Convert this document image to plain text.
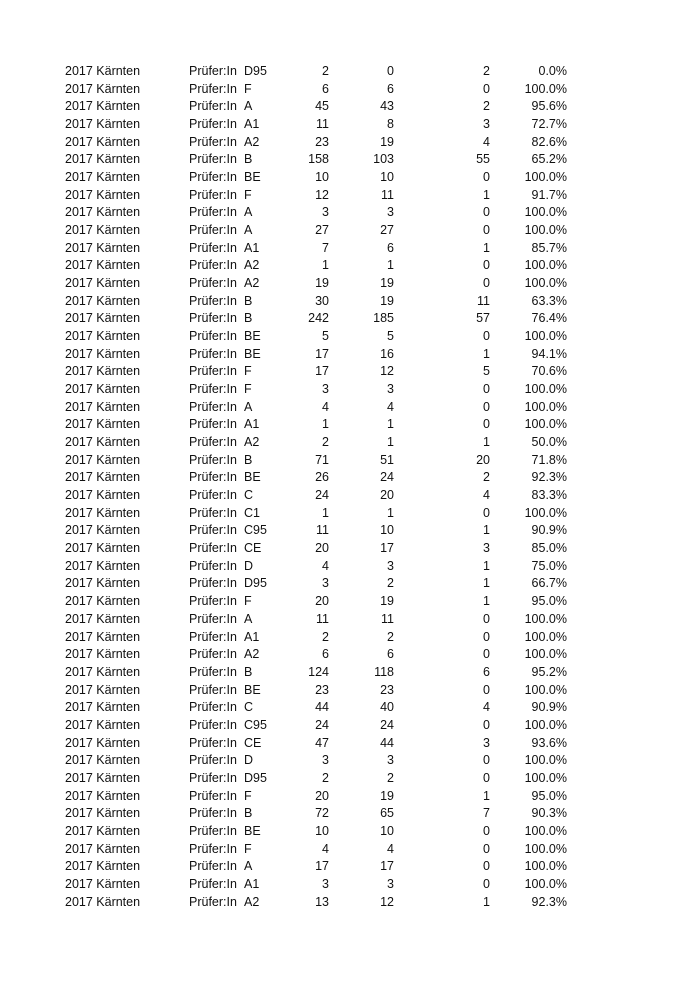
2017 Kärnten	Prüfer:In D95	2	0	2	0.0%
2017 Kärnten	Prüfer:In F	6	6	0	100.0%
2017 Kärnten	Prüfer:In A	45	43	2	95.6%
2017 Kärnten	Prüfer:In A1	11	8	3	72.7%
2017 Kärnten	Prüfer:In A2	23	19	4	82.6%
2017 Kärnten	Prüfer:In B	158	103	55	65.2%
2017 Kärnten	Prüfer:In BE	10	10	0	100.0%
2017 Kärnten	Prüfer:In F	12	11	1	91.7%
2017 Kärnten	Prüfer:In A	3	3	0	100.0%
2017 Kärnten	Prüfer:In A	27	27	0	100.0%
2017 Kärnten	Prüfer:In A1	7	6	1	85.7%
2017 Kärnten	Prüfer:In A2	1	1	0	100.0%
2017 Kärnten	Prüfer:In A2	19	19	0	100.0%
2017 Kärnten	Prüfer:In B	30	19	11	63.3%
2017 Kärnten	Prüfer:In B	242	185	57	76.4%
2017 Kärnten	Prüfer:In BE	5	5	0	100.0%
2017 Kärnten	Prüfer:In BE	17	16	1	94.1%
2017 Kärnten	Prüfer:In F	17	12	5	70.6%
2017 Kärnten	Prüfer:In F	3	3	0	100.0%
2017 Kärnten	Prüfer:In A	4	4	0	100.0%
2017 Kärnten	Prüfer:In A1	1	1	0	100.0%
2017 Kärnten	Prüfer:In A2	2	1	1	50.0%
2017 Kärnten	Prüfer:In B	71	51	20	71.8%
2017 Kärnten	Prüfer:In BE	26	24	2	92.3%
2017 Kärnten	Prüfer:In C	24	20	4	83.3%
2017 Kärnten	Prüfer:In C1	1	1	0	100.0%
2017 Kärnten	Prüfer:In C95	11	10	1	90.9%
2017 Kärnten	Prüfer:In CE	20	17	3	85.0%
2017 Kärnten	Prüfer:In D	4	3	1	75.0%
2017 Kärnten	Prüfer:In D95	3	2	1	66.7%
2017 Kärnten	Prüfer:In F	20	19	1	95.0%
2017 Kärnten	Prüfer:In A	11	11	0	100.0%
2017 Kärnten	Prüfer:In A1	2	2	0	100.0%
2017 Kärnten	Prüfer:In A2	6	6	0	100.0%
2017 Kärnten	Prüfer:In B	124	118	6	95.2%
2017 Kärnten	Prüfer:In BE	23	23	0	100.0%
2017 Kärnten	Prüfer:In C	44	40	4	90.9%
2017 Kärnten	Prüfer:In C95	24	24	0	100.0%
2017 Kärnten	Prüfer:In CE	47	44	3	93.6%
2017 Kärnten	Prüfer:In D	3	3	0	100.0%
2017 Kärnten	Prüfer:In D95	2	2	0	100.0%
2017 Kärnten	Prüfer:In F	20	19	1	95.0%
2017 Kärnten	Prüfer:In B	72	65	7	90.3%
2017 Kärnten	Prüfer:In BE	10	10	0	100.0%
2017 Kärnten	Prüfer:In F	4	4	0	100.0%
2017 Kärnten	Prüfer:In A	17	17	0	100.0%
2017 Kärnten	Prüfer:In A1	3	3	0	100.0%
2017 Kärnten	Prüfer:In A2	13	12	1	92.3%
